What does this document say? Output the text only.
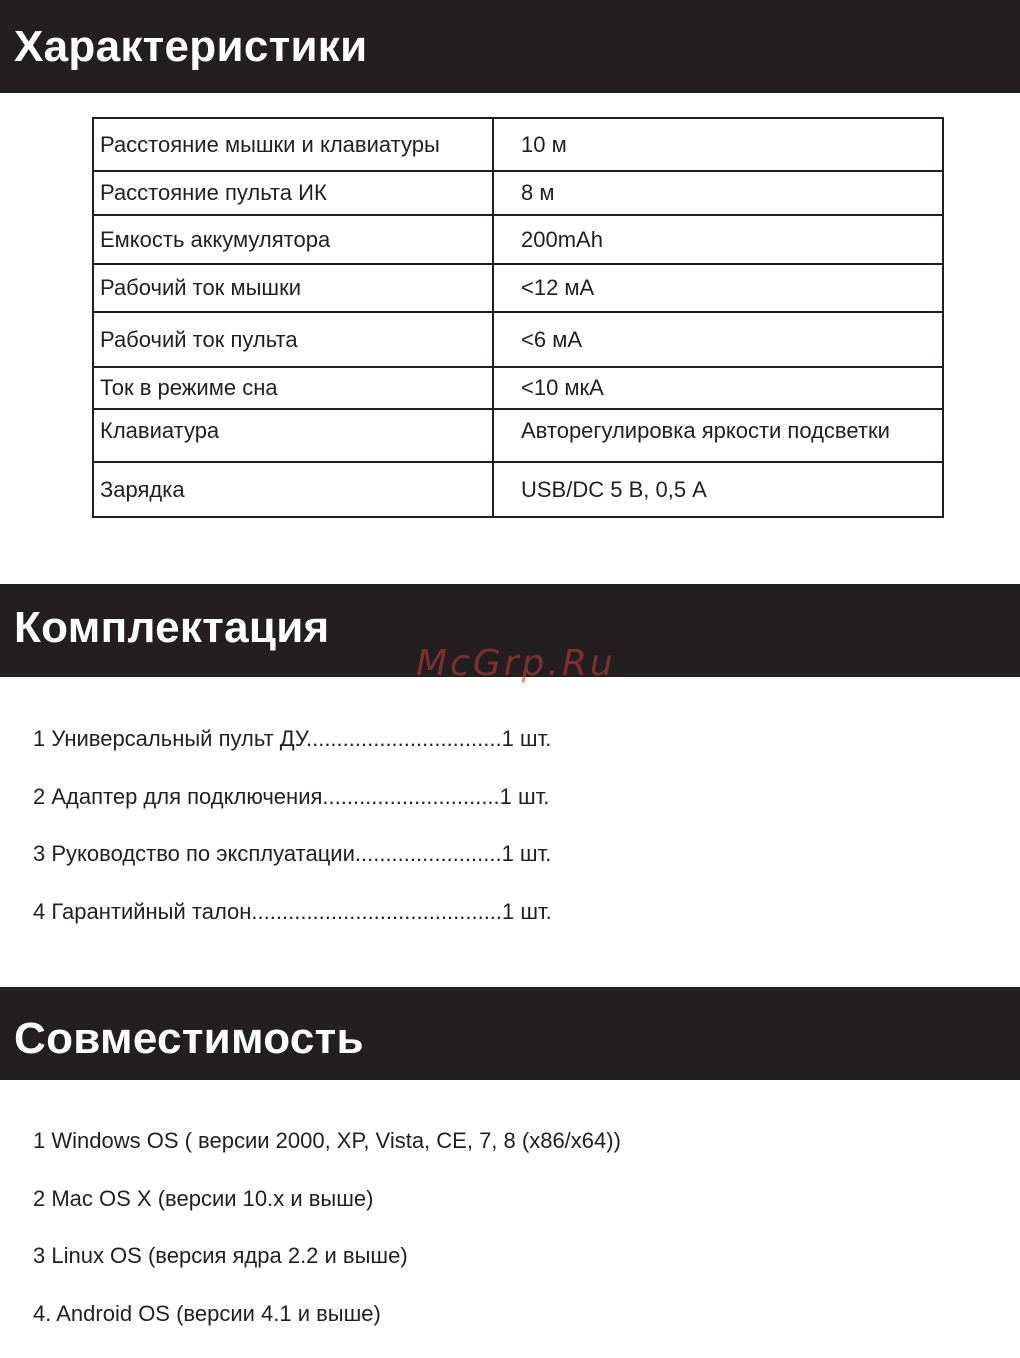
Характеристики
Расстояние мышки и клавиатуры	10 м
Расстояние пульта ИК	8 м
Емкость аккумулятора	200mAh
Рабочий ток мышки	<12 мА
Рабочий ток пульта	<6 мА
Ток в режиме сна	<10 мкА
Клавиатура	Авторегулировка яркости подсветки
Зарядка	USB/DC 5 В, 0,5 А
Комплектация
McGrp.Ru
1 Универсальный пульт ДУ................................1 шт.
2 Адаптер для подключения.............................1 шт.
3 Руководство по эксплуатации........................1 шт.
4 Гарантийный талон.........................................1 шт.
Совместимость
1 Windows OS ( версии 2000, XP, Vista, CE, 7, 8 (x86/x64))
2 Mac OS X (версии 10.x и выше)
3 Linux OS (версия ядра 2.2 и выше)
4. Android OS (версии 4.1 и выше)
